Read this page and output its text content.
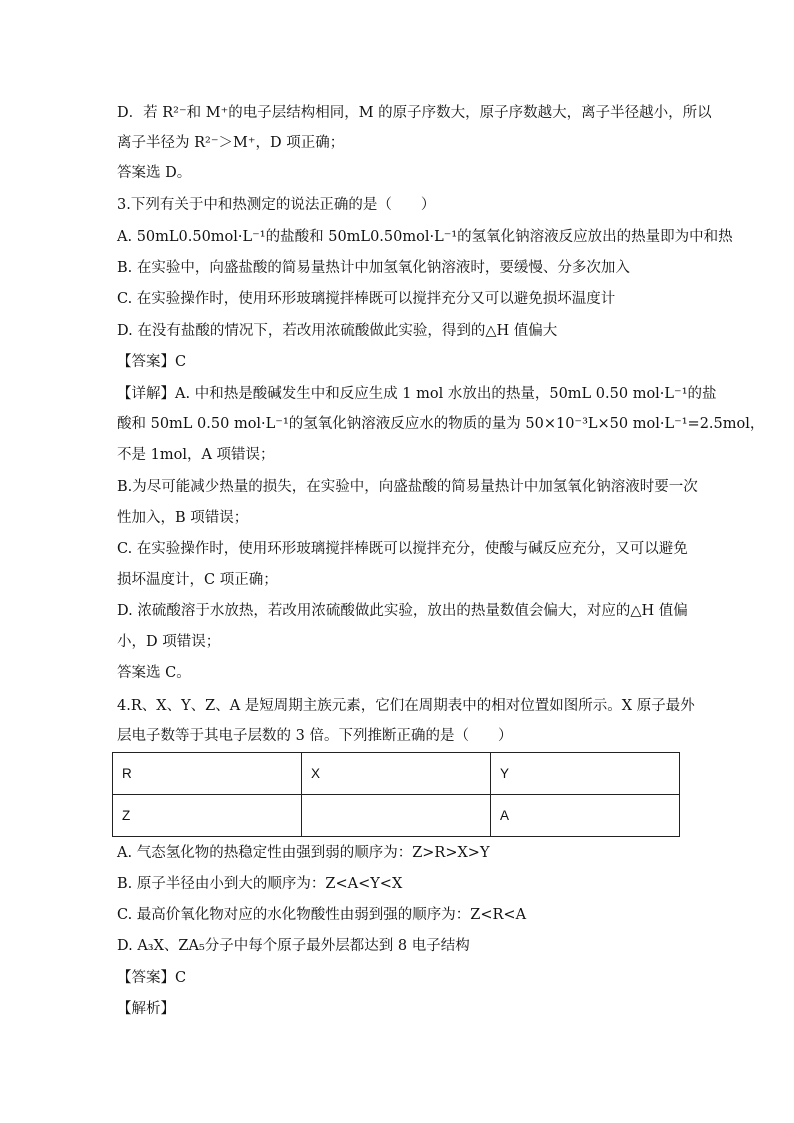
D．若 R²⁻和 M⁺的电子层结构相同，M 的原子序数大，原子序数越大，离子半径越小，所以
离子半径为 R²⁻＞M⁺，D 项正确；
答案选 D。
3.下列有关于中和热测定的说法正确的是（　　）
A. 50mL0.50mol·L⁻¹的盐酸和 50mL0.50mol·L⁻¹的氢氧化钠溶液反应放出的热量即为中和热
B. 在实验中，向盛盐酸的简易量热计中加氢氧化钠溶液时，要缓慢、分多次加入
C. 在实验操作时，使用环形玻璃搅拌棒既可以搅拌充分又可以避免损坏温度计
D. 在没有盐酸的情况下，若改用浓硫酸做此实验，得到的△H 值偏大
【答案】C
【详解】A. 中和热是酸碱发生中和反应生成 1 mol 水放出的热量，50mL 0.50 mol·L⁻¹的盐
酸和 50mL 0.50 mol·L⁻¹的氢氧化钠溶液反应水的物质的量为 50×10⁻³L×50 mol·L⁻¹=2.5mol，
不是 1mol，A 项错误；
B.为尽可能减少热量的损失，在实验中，向盛盐酸的简易量热计中加氢氧化钠溶液时要一次
性加入，B 项错误；
C. 在实验操作时，使用环形玻璃搅拌棒既可以搅拌充分，使酸与碱反应充分，又可以避免
损坏温度计，C 项正确；
D. 浓硫酸溶于水放热，若改用浓硫酸做此实验，放出的热量数值会偏大，对应的△H 值偏
小，D 项错误；
答案选 C。
4.R、X、Y、Z、A 是短周期主族元素，它们在周期表中的相对位置如图所示。X 原子最外
层电子数等于其电子层数的 3 倍。下列推断正确的是（　　）
R	X	Y
Z		A
A. 气态氢化物的热稳定性由强到弱的顺序为：Z>R>X>Y
B. 原子半径由小到大的顺序为：Z<A<Y<X
C. 最高价氧化物对应的水化物酸性由弱到强的顺序为：Z<R<A
D. A₃X、ZA₅分子中每个原子最外层都达到 8 电子结构
【答案】C
【解析】
